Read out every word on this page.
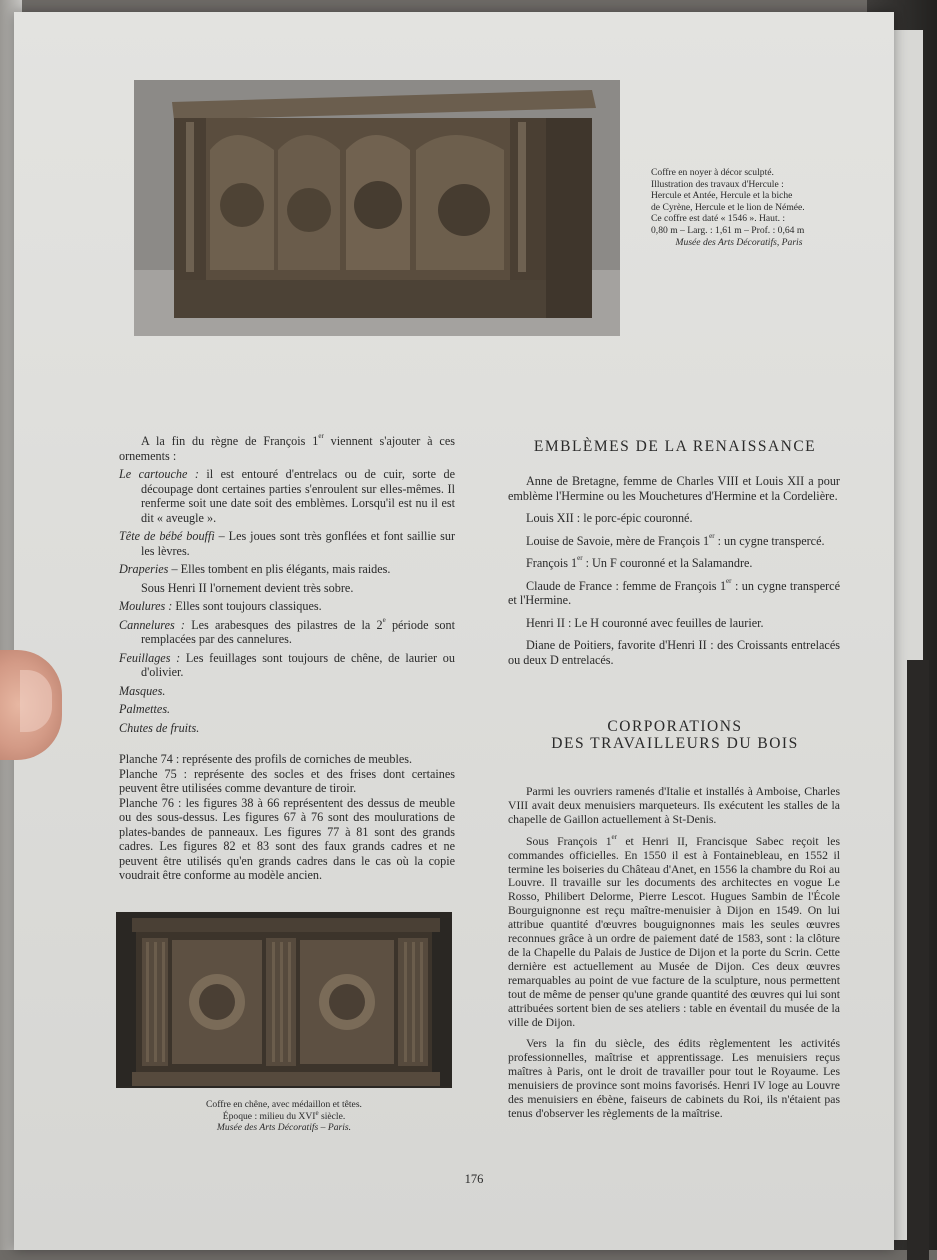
Coffre en noyer à décor sculpté.
Illustration des travaux d'Hercule :
Hercule et Antée, Hercule et la biche
de Cyrène, Hercule et le lion de Némée.
Ce coffre est daté « 1546 ». Haut. :
0,80 m – Larg. : 1,61 m – Prof. : 0,64 m
Musée des Arts Décoratifs, Paris

A la fin du règne de François 1er viennent s'ajouter à ces ornements :

Le cartouche : il est entouré d'entrelacs ou de cuir, sorte de découpage dont certaines parties s'enroulent sur elles-mêmes. Il renferme soit une date soit des emblèmes. Lorsqu'il est nu il est dit « aveugle ».

Tête de bébé bouffi – Les joues sont très gonflées et font saillie sur les lèvres.

Draperies – Elles tombent en plis élégants, mais raides.

Sous Henri II l'ornement devient très sobre.

Moulures : Elles sont toujours classiques.

Cannelures : Les arabesques des pilastres de la 2e période sont remplacées par des cannelures.

Feuillages : Les feuillages sont toujours de chêne, de laurier ou d'olivier.

Masques.

Palmettes.

Chutes de fruits.

Planche 74 : représente des profils de corniches de meubles.

Planche 75 : représente des socles et des frises dont certaines peuvent être utilisées comme devanture de tiroir.

Planche 76 : les figures 38 à 66 représentent des dessus de meuble ou des sous-dessus. Les figures 67 à 76 sont des moulurations de plates-bandes de panneaux. Les figures 77 à 81 sont des grands cadres. Les figures 82 et 83 sont des faux grands cadres et ne peuvent être utilisés qu'en grands cadres dans le cas où la copie voudrait être conforme au modèle ancien.

Coffre en chêne, avec médaillon et têtes.
Époque : milieu du XVIe siècle.
Musée des Arts Décoratifs – Paris.
EMBLÈMES DE LA RENAISSANCE

Anne de Bretagne, femme de Charles VIII et Louis XII a pour emblème l'Hermine ou les Mouchetures d'Hermine et la Cordelière.

Louis XII : le porc-épic couronné.

Louise de Savoie, mère de François 1er : un cygne transpercé.

François 1er : Un F couronné et la Salamandre.

Claude de France : femme de François 1er : un cygne transpercé et l'Hermine.

Henri II : Le H couronné avec feuilles de laurier.

Diane de Poitiers, favorite d'Henri II : des Croissants entrelacés ou deux D entrelacés.

CORPORATIONS
DES TRAVAILLEURS DU BOIS

Parmi les ouvriers ramenés d'Italie et installés à Amboise, Charles VIII avait deux menuisiers marqueteurs. Ils exécutent les stalles de la chapelle de Gaillon actuellement à St-Denis.

Sous François 1er et Henri II, Francisque Sabec reçoit les commandes officielles. En 1550 il est à Fontainebleau, en 1552 il termine les boiseries du Château d'Anet, en 1556 la chambre du Roi au Louvre. Il travaille sur les documents des architectes en vogue Le Rosso, Philibert Delorme, Pierre Lescot. Hugues Sambin de l'École Bourguignonne est reçu maître-menuisier à Dijon en 1549. On lui attribue quantité d'œuvres bouguignonnes mais les seules œuvres reconnues grâce à un ordre de paiement daté de 1583, sont : la clôture de la Chapelle du Palais de Justice de Dijon et la porte du Scrin. Cette dernière est actuellement au Musée de Dijon. Ces deux œuvres remarquables au point de vue facture de la sculpture, nous permettent tout de même de penser qu'une grande quantité des œuvres qui lui sont attribuées sortent bien de ses ateliers : table en éventail du musée de la ville de Dijon.

Vers la fin du siècle, des édits règlementent les activités professionnelles, maîtrise et apprentissage. Les menuisiers reçus maîtres à Paris, ont le droit de travailler pour tout le Royaume. Les menuisiers de province sont moins favorisés. Henri IV loge au Louvre des menuisiers en ébène, faiseurs de cabinets du Roi, ils n'étaient pas tenus d'observer les règlements de la maîtrise.

176
